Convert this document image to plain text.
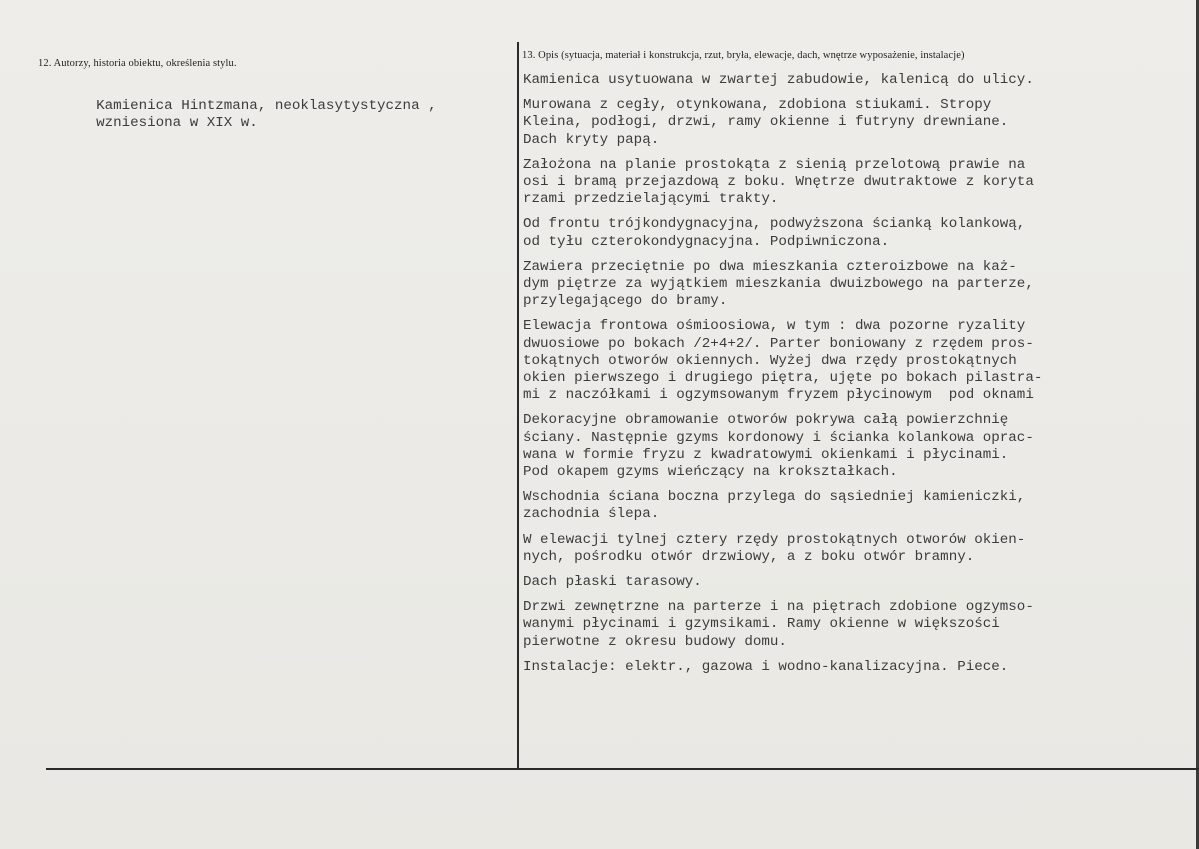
12. Autorzy, historia obiektu, określenia stylu.

Kamienica Hintzmana, neoklasytystyczna ,
wzniesiona w XIX w.

13. Opis (sytuacja, materiał i konstrukcja, rzut, bryła, elewacje, dach, wnętrze wyposażenie, instalacje)
Kamienica usytuowana w zwartej zabudowie, kalenicą do ulicy.
Murowana z cegły, otynkowana, zdobiona stiukami. Stropy
Kleina, podłogi, drzwi, ramy okienne i futryny drewniane.
Dach kryty papą.
Założona na planie prostokąta z sienią przelotową prawie na
osi i bramą przejazdową z boku. Wnętrze dwutraktowe z koryta
rzami przedzielającymi trakty.
Od frontu trójkondygnacyjna, podwyższona ścianką kolankową,
od tyłu czterokondygnacyjna. Podpiwniczona.
Zawiera przeciętnie po dwa mieszkania czteroizbowe na każ-
dym piętrze za wyjątkiem mieszkania dwuizbowego na parterze,
przylegającego do bramy.
Elewacja frontowa ośmioosiowa, w tym : dwa pozorne ryzality
dwuosiowe po bokach /2+4+2/. Parter boniowany z rzędem pros-
tokątnych otworów okiennych. Wyżej dwa rzędy prostokątnych
okien pierwszego i drugiego piętra, ujęte po bokach pilastra-
mi z naczółkami i ogzymsowanym fryzem płycinowym  pod oknami
Dekoracyjne obramowanie otworów pokrywa całą powierzchnię
ściany. Następnie gzyms kordonowy i ścianka kolankowa oprac-
wana w formie fryzu z kwadratowymi okienkami i płycinami.
Pod okapem gzyms wieńczący na krokształkach.
Wschodnia ściana boczna przylega do sąsiedniej kamieniczki,
zachodnia ślepa.
W elewacji tylnej cztery rzędy prostokątnych otworów okien-
nych, pośrodku otwór drzwiowy, a z boku otwór bramny.
Dach płaski tarasowy.
Drzwi zewnętrzne na parterze i na piętrach zdobione ogzymso-
wanymi płycinami i gzymsikami. Ramy okienne w większości
pierwotne z okresu budowy domu.
Instalacje: elektr., gazowa i wodno-kanalizacyjna. Piece.
